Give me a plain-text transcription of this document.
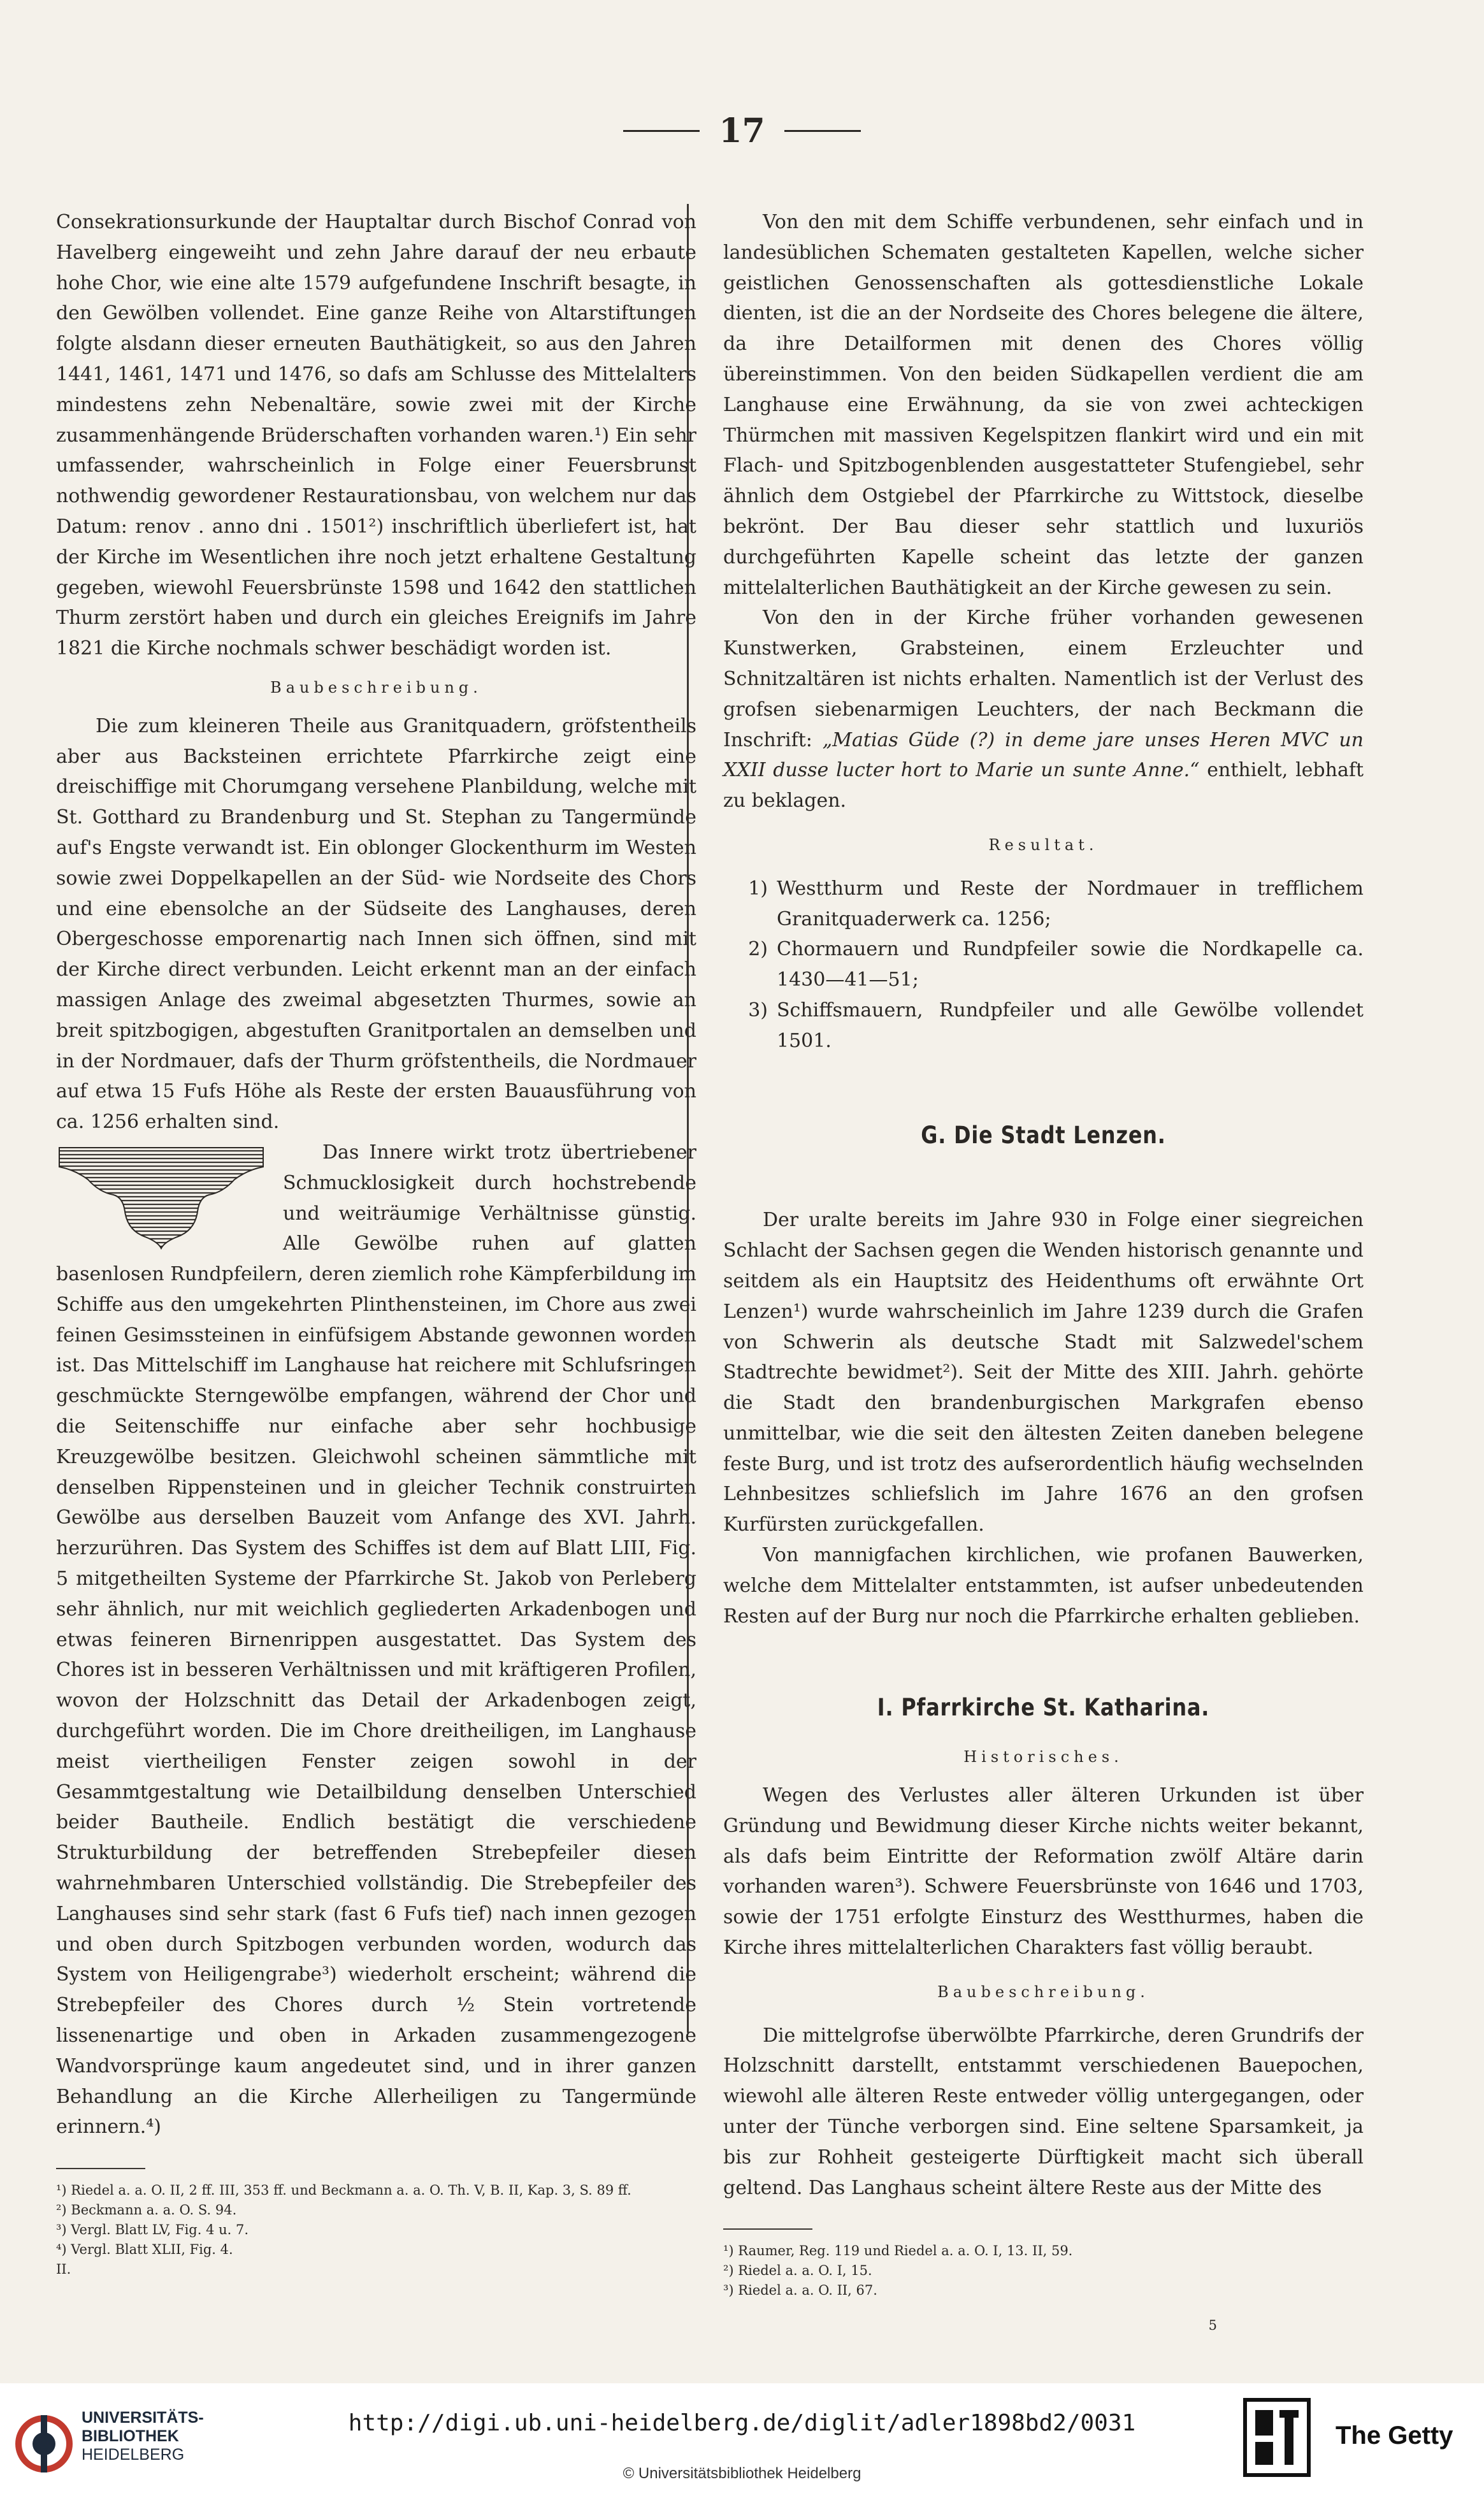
17

Consekrationsurkunde der Hauptaltar durch Bischof Conrad von Havelberg eingeweiht und zehn Jahre darauf der neu erbaute hohe Chor, wie eine alte 1579 aufgefundene Inschrift besagte, in den Gewölben vollendet. Eine ganze Reihe von Altarstiftungen folgte alsdann dieser erneuten Bauthätigkeit, so aus den Jahren 1441, 1461, 1471 und 1476, so dafs am Schlusse des Mittelalters mindestens zehn Nebenaltäre, sowie zwei mit der Kirche zusammenhängende Brüderschaften vorhanden waren.¹) Ein sehr umfassender, wahrscheinlich in Folge einer Feuersbrunst nothwendig gewordener Restaurationsbau, von welchem nur das Datum: renov . anno dni . 1501²) inschriftlich überliefert ist, hat der Kirche im Wesentlichen ihre noch jetzt erhaltene Gestaltung gegeben, wiewohl Feuersbrünste 1598 und 1642 den stattlichen Thurm zerstört haben und durch ein gleiches Ereignifs im Jahre 1821 die Kirche nochmals schwer beschädigt worden ist.

Baubeschreibung.

Die zum kleineren Theile aus Granitquadern, gröfstentheils aber aus Backsteinen errichtete Pfarrkirche zeigt eine dreischiffige mit Chorumgang versehene Planbildung, welche mit St. Gotthard zu Brandenburg und St. Stephan zu Tangermünde auf's Engste verwandt ist. Ein oblonger Glockenthurm im Westen sowie zwei Doppelkapellen an der Süd- wie Nordseite des Chors und eine ebensolche an der Südseite des Langhauses, deren Obergeschosse emporenartig nach Innen sich öffnen, sind mit der Kirche direct verbunden. Leicht erkennt man an der einfach massigen Anlage des zweimal abgesetzten Thurmes, sowie an breit spitzbogigen, abgestuften Granitportalen an demselben und in der Nordmauer, dafs der Thurm gröfstentheils, die Nordmauer auf etwa 15 Fufs Höhe als Reste der ersten Bauausführung von ca. 1256 erhalten sind.

Das Innere wirkt trotz übertriebener Schmucklosigkeit durch hochstrebende und weiträumige Verhältnisse günstig. Alle Gewölbe ruhen auf glatten basenlosen Rundpfeilern, deren ziemlich rohe Kämpferbildung im Schiffe aus den umgekehrten Plinthensteinen, im Chore aus zwei feinen Gesimssteinen in einfüfsigem Abstande gewonnen worden ist. Das Mittelschiff im Langhause hat reichere mit Schlufsringen geschmückte Sterngewölbe empfangen, während der Chor und die Seitenschiffe nur einfache aber sehr hochbusige Kreuzgewölbe besitzen. Gleichwohl scheinen sämmtliche mit denselben Rippensteinen und in gleicher Technik construirten Gewölbe aus derselben Bauzeit vom Anfange des XVI. Jahrh. herzurühren. Das System des Schiffes ist dem auf Blatt LIII, Fig. 5 mitgetheilten Systeme der Pfarrkirche St. Jakob von Perleberg sehr ähnlich, nur mit weichlich gegliederten Arkadenbogen und etwas feineren Birnenrippen ausgestattet. Das System des Chores ist in besseren Verhältnissen und mit kräftigeren Profilen, wovon der Holzschnitt das Detail der Arkadenbogen zeigt, durchgeführt worden. Die im Chore dreitheiligen, im Langhause meist viertheiligen Fenster zeigen sowohl in der Gesammtgestaltung wie Detailbildung denselben Unterschied beider Bautheile. Endlich bestätigt die verschiedene Strukturbildung der betreffenden Strebepfeiler diesen wahrnehmbaren Unterschied vollständig. Die Strebepfeiler des Langhauses sind sehr stark (fast 6 Fufs tief) nach innen gezogen und oben durch Spitzbogen verbunden worden, wodurch das System von Heiligengrabe³) wiederholt erscheint; während die Strebepfeiler des Chores durch ½ Stein vortretende lissenenartige und oben in Arkaden zusammengezogene Wandvorsprünge kaum angedeutet sind, und in ihrer ganzen Behandlung an die Kirche Allerheiligen zu Tangermünde erinnern.⁴)

¹) Riedel a. a. O. II, 2 ff. III, 353 ff. und Beckmann a. a. O. Th. V, B. II, Kap. 3, S. 89 ff.
²) Beckmann a. a. O. S. 94.
³) Vergl. Blatt LV, Fig. 4 u. 7.
⁴) Vergl. Blatt XLII, Fig. 4.
II.

Von den mit dem Schiffe verbundenen, sehr einfach und in landesüblichen Schematen gestalteten Kapellen, welche sicher geistlichen Genossenschaften als gottesdienstliche Lokale dienten, ist die an der Nordseite des Chores belegene die ältere, da ihre Detailformen mit denen des Chores völlig übereinstimmen. Von den beiden Südkapellen verdient die am Langhause eine Erwähnung, da sie von zwei achteckigen Thürmchen mit massiven Kegelspitzen flankirt wird und ein mit Flach- und Spitzbogenblenden ausgestatteter Stufengiebel, sehr ähnlich dem Ostgiebel der Pfarrkirche zu Wittstock, dieselbe bekrönt. Der Bau dieser sehr stattlich und luxuriös durchgeführten Kapelle scheint das letzte der ganzen mittelalterlichen Bauthätigkeit an der Kirche gewesen zu sein.

Von den in der Kirche früher vorhanden gewesenen Kunstwerken, Grabsteinen, einem Erzleuchter und Schnitzaltären ist nichts erhalten. Namentlich ist der Verlust des grofsen siebenarmigen Leuchters, der nach Beckmann die Inschrift: „Matias Güde (?) in deme jare unses Heren MVC un XXII dusse lucter hort to Marie un sunte Anne.“ enthielt, lebhaft zu beklagen.

Resultat.
1) Westthurm und Reste der Nordmauer in trefflichem Granitquaderwerk ca. 1256;
2) Chormauern und Rundpfeiler sowie die Nordkapelle ca. 1430—41—51;
3) Schiffsmauern, Rundpfeiler und alle Gewölbe vollendet 1501.
G. Die Stadt Lenzen.

Der uralte bereits im Jahre 930 in Folge einer siegreichen Schlacht der Sachsen gegen die Wenden historisch genannte und seitdem als ein Hauptsitz des Heidenthums oft erwähnte Ort Lenzen¹) wurde wahrscheinlich im Jahre 1239 durch die Grafen von Schwerin als deutsche Stadt mit Salzwedel'schem Stadtrechte bewidmet²). Seit der Mitte des XIII. Jahrh. gehörte die Stadt den brandenburgischen Markgrafen ebenso unmittelbar, wie die seit den ältesten Zeiten daneben belegene feste Burg, und ist trotz des aufserordentlich häufig wechselnden Lehnbesitzes schliefslich im Jahre 1676 an den grofsen Kurfürsten zurückgefallen.

Von mannigfachen kirchlichen, wie profanen Bauwerken, welche dem Mittelalter entstammten, ist aufser unbedeutenden Resten auf der Burg nur noch die Pfarrkirche erhalten geblieben.

I. Pfarrkirche St. Katharina.
Historisches.

Wegen des Verlustes aller älteren Urkunden ist über Gründung und Bewidmung dieser Kirche nichts weiter bekannt, als dafs beim Eintritte der Reformation zwölf Altäre darin vorhanden waren³). Schwere Feuersbrünste von 1646 und 1703, sowie der 1751 erfolgte Einsturz des Westthurmes, haben die Kirche ihres mittelalterlichen Charakters fast völlig beraubt.

Baubeschreibung.

Die mittelgrofse überwölbte Pfarrkirche, deren Grundrifs der Holzschnitt darstellt, entstammt verschiedenen Bauepochen, wiewohl alle älteren Reste entweder völlig untergegangen, oder unter der Tünche verborgen sind. Eine seltene Sparsamkeit, ja bis zur Rohheit gesteigerte Dürftigkeit macht sich überall geltend. Das Langhaus scheint ältere Reste aus der Mitte des

¹) Raumer, Reg. 119 und Riedel a. a. O. I, 13. II, 59.
²) Riedel a. a. O. I, 15.
³) Riedel a. a. O. II, 67.
5
UNIVERSITÄTS-
BIBLIOTHEK
HEIDELBERG
http://digi.ub.uni-heidelberg.de/diglit/adler1898bd2/0031
© Universitätsbibliothek Heidelberg
The Getty
